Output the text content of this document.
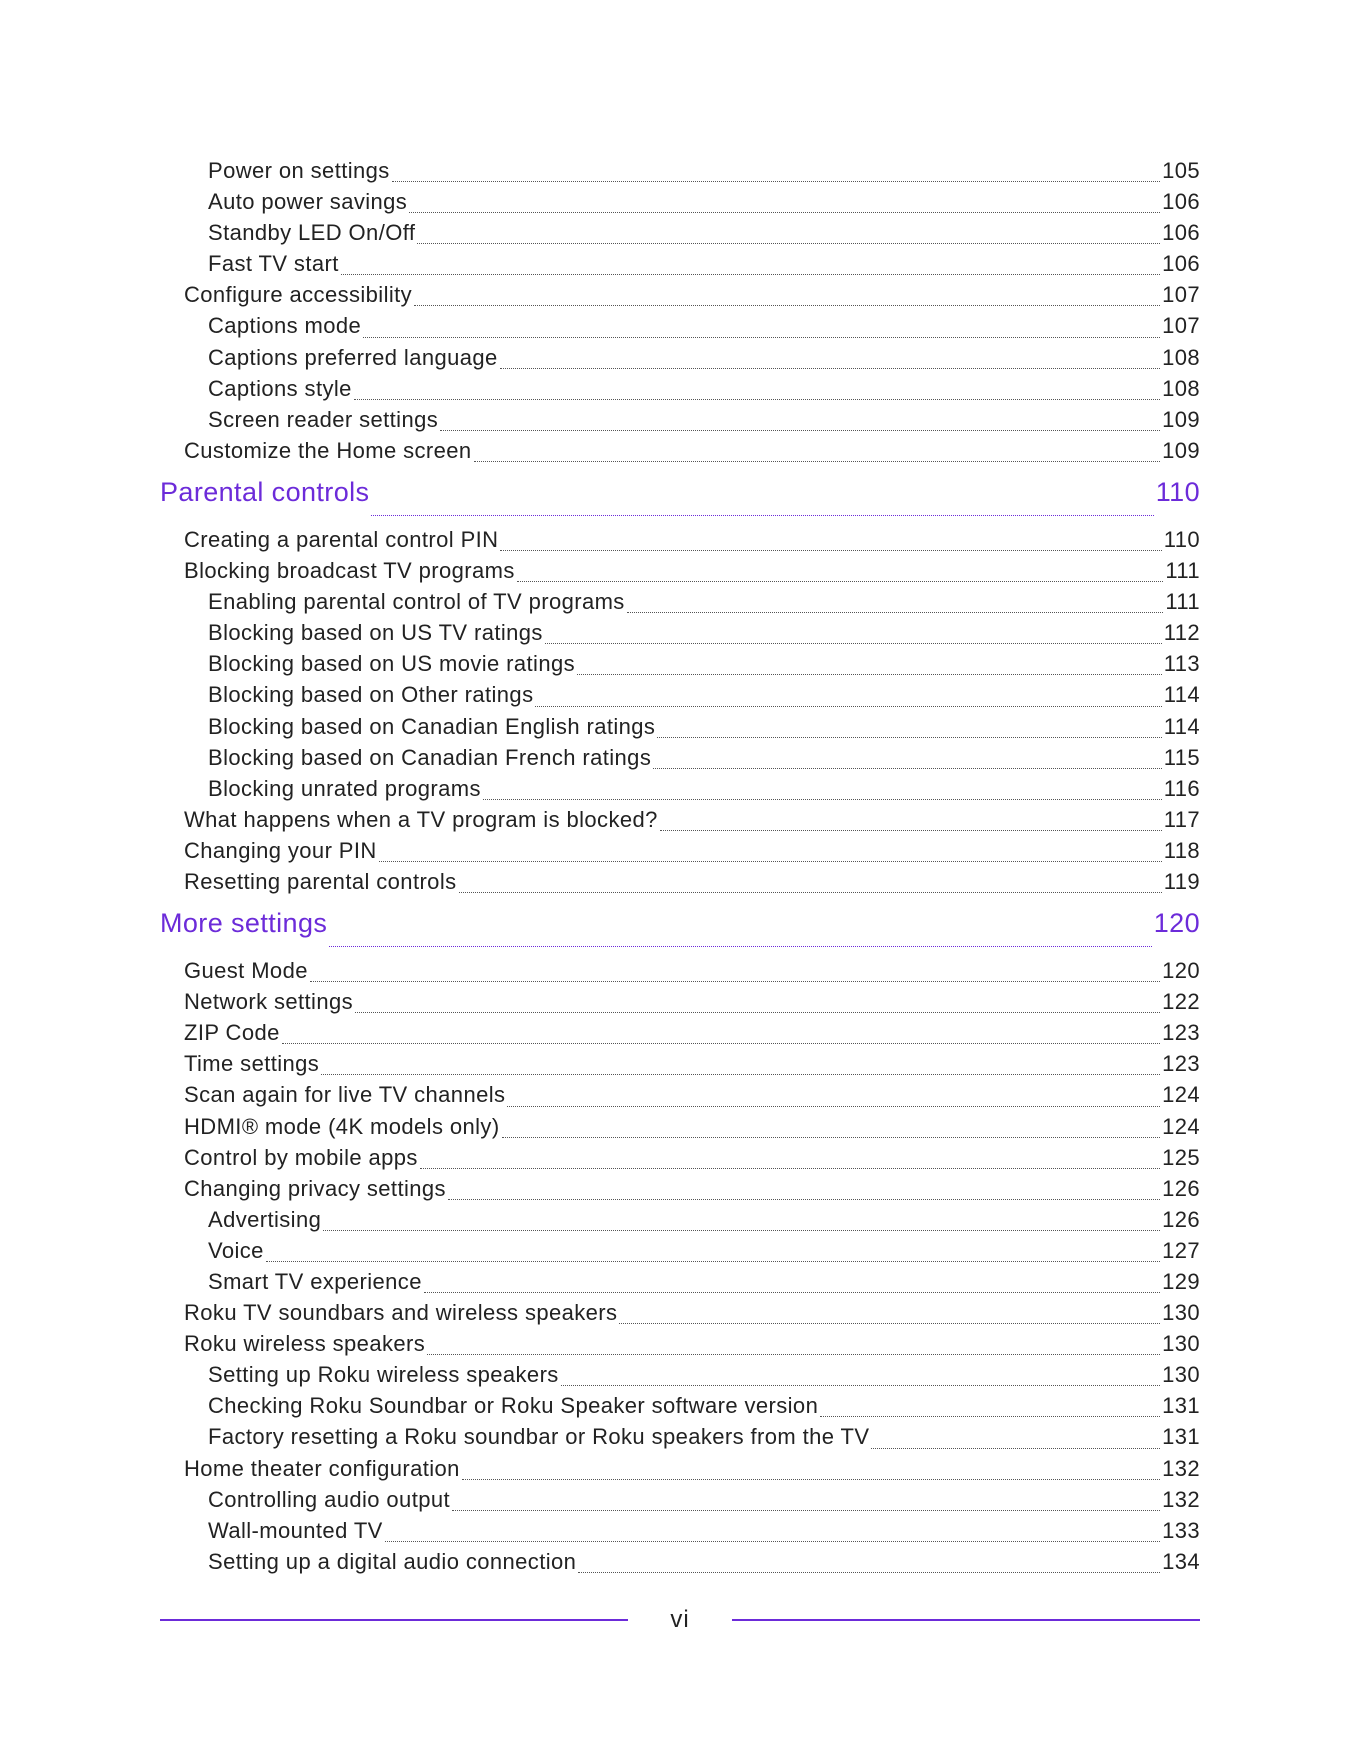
Power on settings	105
Auto power savings	106
Standby LED On/Off	106
Fast TV start	106
Configure accessibility	107
Captions mode	107
Captions preferred language	108
Captions style	108
Screen reader settings	109
Customize the Home screen	109
Parental controls	110
Creating a parental control PIN	110
Blocking broadcast TV programs	111
Enabling parental control of TV programs	111
Blocking based on US TV ratings	112
Blocking based on US movie ratings	113
Blocking based on Other ratings	114
Blocking based on Canadian English ratings	114
Blocking based on Canadian French ratings	115
Blocking unrated programs	116
What happens when a TV program is blocked?	117
Changing your PIN	118
Resetting parental controls	119
More settings	120
Guest Mode	120
Network settings	122
ZIP Code	123
Time settings	123
Scan again for live TV channels	124
HDMI® mode (4K models only)	124
Control by mobile apps	125
Changing privacy settings	126
Advertising	126
Voice	127
Smart TV experience	129
Roku TV soundbars and wireless speakers	130
Roku wireless speakers	130
Setting up Roku wireless speakers	130
Checking Roku Soundbar or Roku Speaker software version	131
Factory resetting a Roku soundbar or Roku speakers from the TV	131
Home theater configuration	132
Controlling audio output	132
Wall-mounted TV	133
Setting up a digital audio connection	134
vi
